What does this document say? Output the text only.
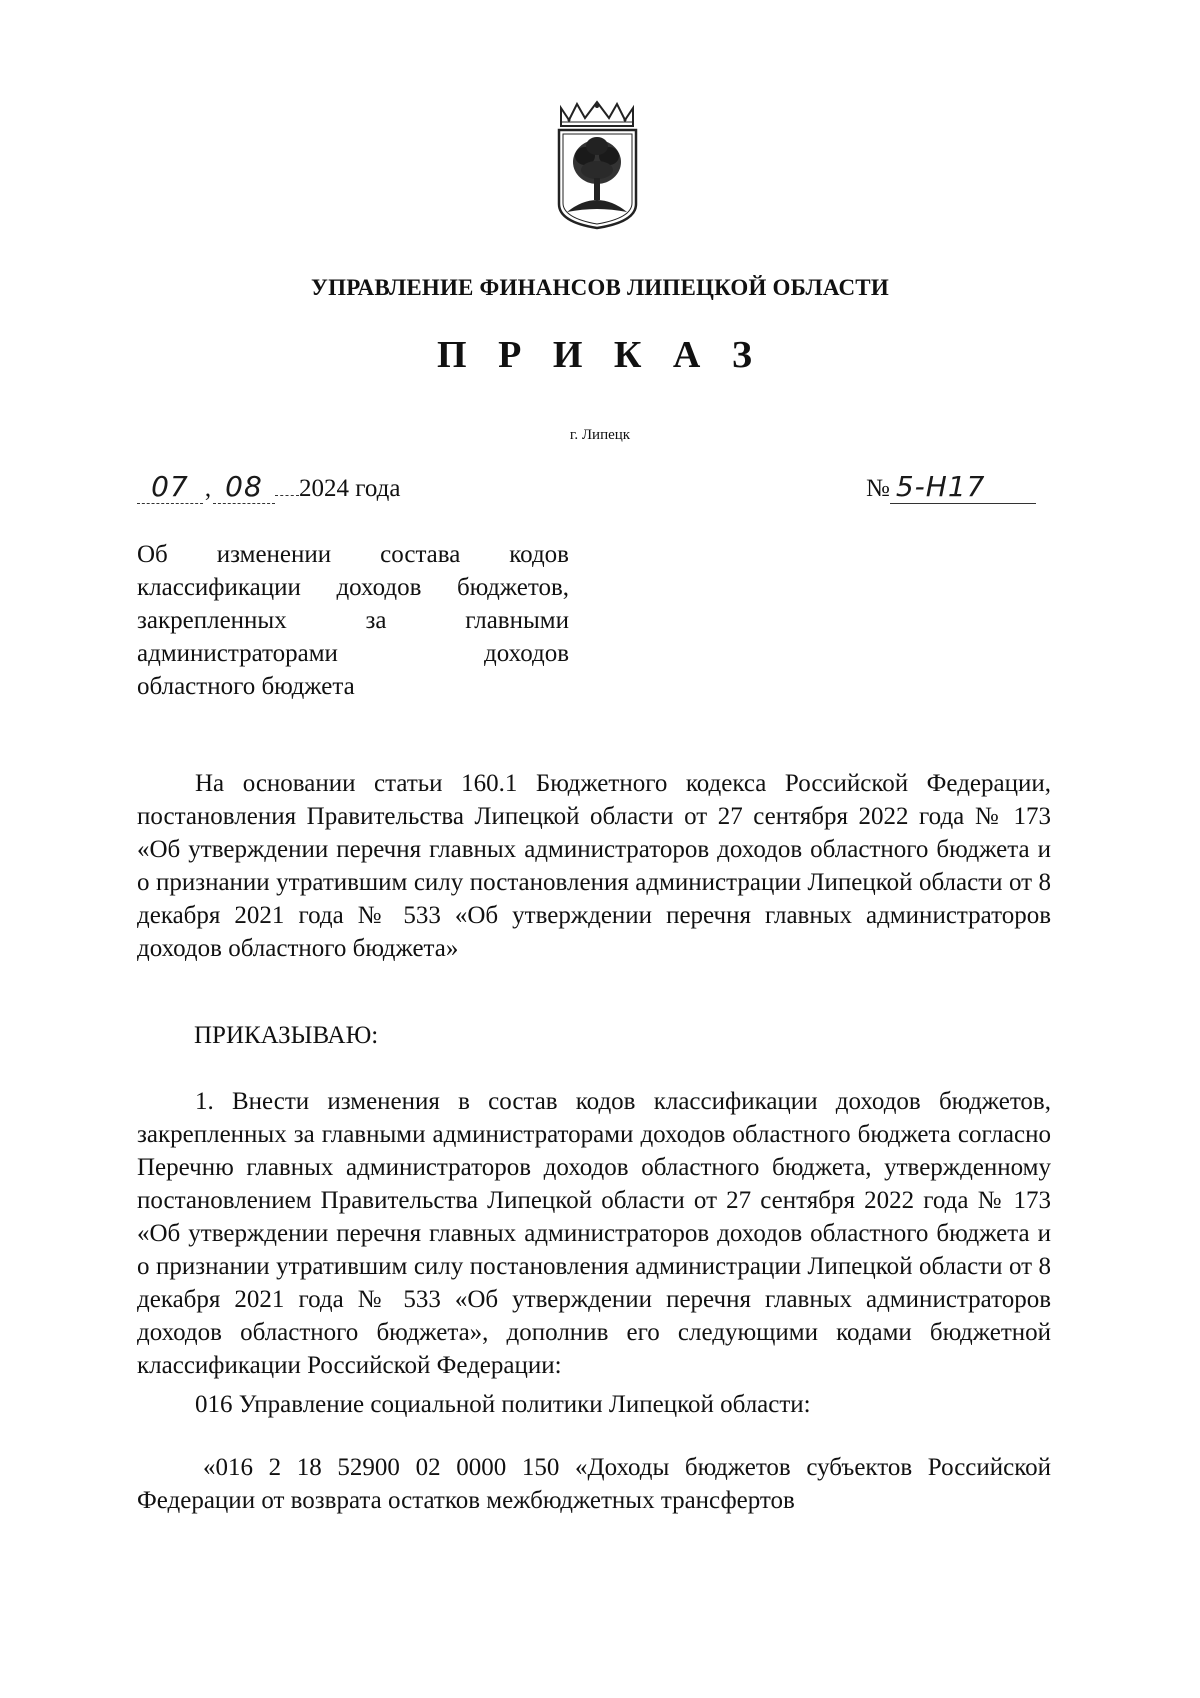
УПРАВЛЕНИЕ ФИНАНСОВ ЛИПЕЦКОЙ ОБЛАСТИ
П Р И К А З
г. Липецк
07 , 08 2024 года	№ 5-H17

Об изменении состава кодов

классификации доходов бюджетов,

закрепленных за главными

администраторами доходов

областного бюджета

На основании статьи 160.1 Бюджетного кодекса Российской Федерации, постановления Правительства Липецкой области от 27 сентября 2022 года № 173 «Об утверждении перечня главных администраторов доходов областного бюджета и о признании утратившим силу постановления администрации Липецкой области от 8 декабря 2021 года № 533 «Об утверждении перечня главных администраторов доходов областного бюджета»

ПРИКАЗЫВАЮ:

1. Внести изменения в состав кодов классификации доходов бюджетов, закрепленных за главными администраторами доходов областного бюджета согласно Перечню главных администраторов доходов областного бюджета, утвержденному постановлением Правительства Липецкой области от 27 сентября 2022 года № 173 «Об утверждении перечня главных администраторов доходов областного бюджета и о признании утратившим силу постановления администрации Липецкой области от 8 декабря 2021 года № 533 «Об утверждении перечня главных администраторов доходов областного бюджета», дополнив его следующими кодами бюджетной классификации Российской Федерации:

016 Управление социальной политики Липецкой области:

«016 2 18 52900 02 0000 150 «Доходы бюджетов субъектов Российской Федерации от возврата остатков межбюджетных трансфертов
